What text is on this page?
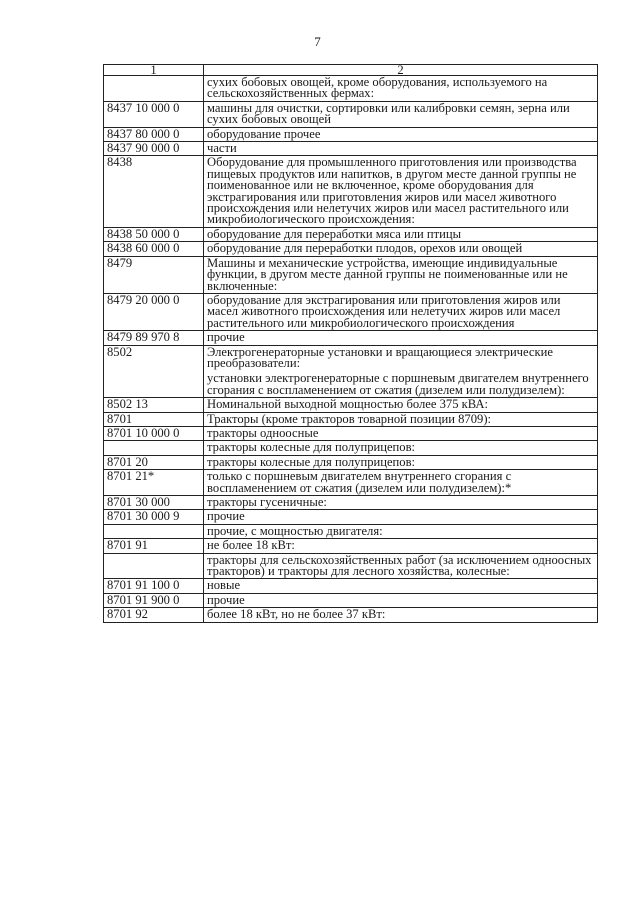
7
1	2

	сухих бобовых овощей, кроме оборудования, используемого на сельскохозяйственных фермах:

8437 10 000 0	машины для очистки, сортировки или калибровки семян, зерна или сухих бобовых овощей

8437 80 000 0	оборудование прочее

8437 90 000 0	части

8438	Оборудование для промышленного приготовления или производства пищевых продуктов или напитков, в другом месте данной группы не поименованное или не включенное, кроме оборудования для экстрагирования или приготовления жиров или масел животного происхождения или нелетучих жиров или масел растительного или микробиологического происхождения:

8438 50 000 0	оборудование для переработки мяса или птицы

8438 60 000 0	оборудование для переработки плодов, орехов или овощей

8479	Машины и механические устройства, имеющие индивидуальные функции, в другом месте данной группы не поименованные или не включенные:

8479 20 000 0	оборудование для экстрагирования или приготовления жиров или масел животного происхождения или нелетучих жиров или масел растительного или микробиологического происхождения

8479 89 970 8	прочие

8502	Электрогенераторные установки и вращающиеся электрические преобразователи:

установки электрогенераторные с поршневым двигателем внутреннего сгорания с воспламенением от сжатия (дизелем или полудизелем):

8502 13	Номинальной выходной мощностью более 375 кВА:

8701	Тракторы (кроме тракторов товарной позиции 8709):

8701 10 000 0	тракторы одноосные

	тракторы колесные для полуприцепов:

8701 20	тракторы колесные для полуприцепов:

8701 21*	только с поршневым двигателем внутреннего сгорания с воспламенением от сжатия (дизелем или полудизелем):*

8701 30 000	тракторы гусеничные:

8701 30 000 9	прочие

	прочие, с мощностью двигателя:

8701 91	не более 18 кВт:

	тракторы для сельскохозяйственных работ (за исключением одноосных тракторов) и тракторы для лесного хозяйства, колесные:

8701 91 100 0	новые

8701 91 900 0	прочие

8701 92	более 18 кВт, но не более 37 кВт:
